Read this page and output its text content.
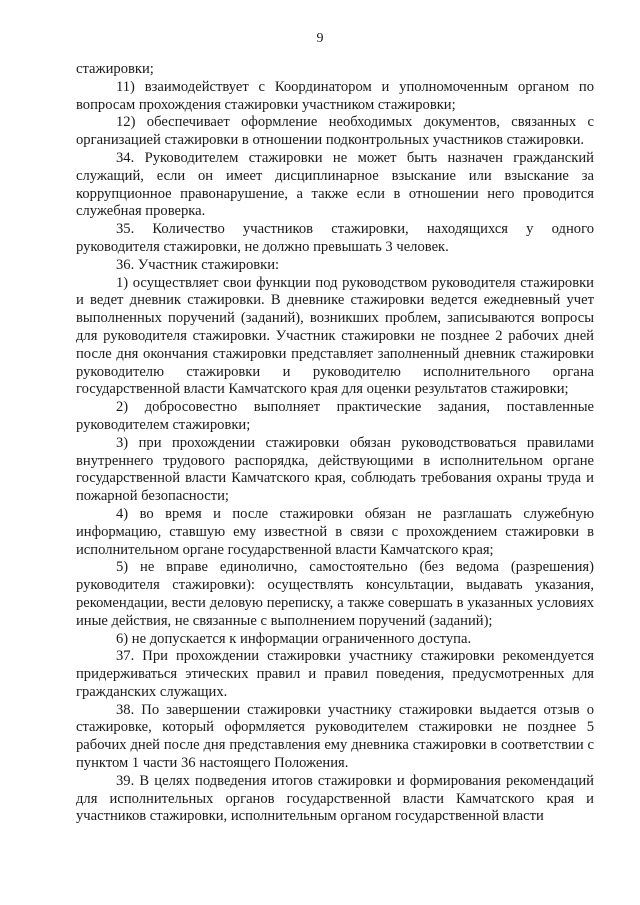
9

стажировки;

11) взаимодействует с Координатором и уполномоченным органом по вопросам прохождения стажировки участником стажировки;

12) обеспечивает оформление необходимых документов, связанных с организацией стажировки в отношении подконтрольных участников стажировки.

34. Руководителем стажировки не может быть назначен гражданский служащий, если он имеет дисциплинарное взыскание или взыскание за коррупционное правонарушение, а также если в отношении него проводится служебная проверка.

35. Количество участников стажировки, находящихся у одного руководителя стажировки, не должно превышать 3 человек.

36. Участник стажировки:

1) осуществляет свои функции под руководством руководителя стажировки и ведет дневник стажировки. В дневнике стажировки ведется ежедневный учет выполненных поручений (заданий), возникших проблем, записываются вопросы для руководителя стажировки. Участник стажировки не позднее 2 рабочих дней после дня окончания стажировки представляет заполненный дневник стажировки руководителю стажировки и руководителю исполнительного органа государственной власти Камчатского края для оценки результатов стажировки;

2) добросовестно выполняет практические задания, поставленные руководителем стажировки;

3) при прохождении стажировки обязан руководствоваться правилами внутреннего трудового распорядка, действующими в исполнительном органе государственной власти Камчатского края, соблюдать требования охраны труда и пожарной безопасности;

4) во время и после стажировки обязан не разглашать служебную информацию, ставшую ему известной в связи с прохождением стажировки в исполнительном органе государственной власти Камчатского края;

5) не вправе единолично, самостоятельно (без ведома (разрешения) руководителя стажировки): осуществлять консультации, выдавать указания, рекомендации, вести деловую переписку, а также совершать в указанных условиях иные действия, не связанные с выполнением поручений (заданий);

6) не допускается к информации ограниченного доступа.

37. При прохождении стажировки участнику стажировки рекомендуется придерживаться этических правил и правил поведения, предусмотренных для гражданских служащих.

38. По завершении стажировки участнику стажировки выдается отзыв о стажировке, который оформляется руководителем стажировки не позднее 5 рабочих дней после дня представления ему дневника стажировки в соответствии с пунктом 1 части 36 настоящего Положения.

39. В целях подведения итогов стажировки и формирования рекомендаций для исполнительных органов государственной власти Камчатского края и участников стажировки, исполнительным органом государственной власти
